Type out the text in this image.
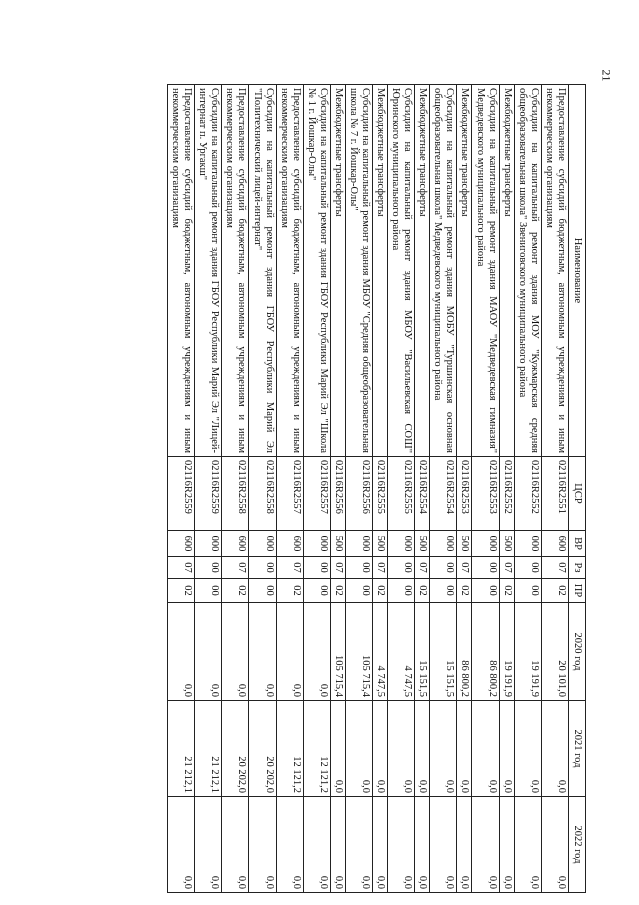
21
Наименование	ЦСР	ВР	Рз	ПР	2020 год	2021 год	2022 год
Предоставление субсидий бюджетным, автономным учреждениям и иным некоммерческим организациям	02116R2551	600	07	02	20 101,0	0,0	0,0
Субсидии на капитальный ремонт здания МОУ "Кужмарская средняя общеобразовательная школа" Звениговского муниципального района	02116R2552	000	00	00	19 191,9	0,0	0,0
Межбюджетные трансферты	02116R2552	500	07	02	19 191,9	0,0	0,0
Субсидии на капитальный ремонт здания МАОУ "Медведевская гимназия" Медведевского муниципального района	02116R2553	000	00	00	86 800,2	0,0	0,0
Межбюджетные трансферты	02116R2553	500	07	02	86 800,2	0,0	0,0
Субсидии на капитальный ремонт здания МОБУ "Туршинская основная общеобразовательная школа" Медведевского муниципального района	02116R2554	000	00	00	15 151,5	0,0	0,0
Межбюджетные трансферты	02116R2554	500	07	02	15 151,5	0,0	0,0
Субсидии на капитальный ремонт здания МБОУ "Васильевская СОШ" Юринского муниципального района	02116R2555	000	00	00	4 747,5	0,0	0,0
Межбюджетные трансферты	02116R2555	500	07	02	4 747,5	0,0	0,0
Субсидии на капитальный ремонт здания МБОУ "Средняя общеобразовательная школа № 7 г. Йошкар-Олы"	02116R2556	000	00	00	105 715,4	0,0	0,0
Межбюджетные трансферты	02116R2556	500	07	02	105 715,4	0,0	0,0
Субсидии на капитальный ремонт здания ГБОУ Республики Марий Эл "Школа № 1 г. Йошкар-Олы"	02116R2557	000	00	00	0,0	12 121,2	0,0
Предоставление субсидий бюджетным, автономным учреждениям и иным некоммерческим организациям	02116R2557	600	07	02	0,0	12 121,2	0,0
Субсидии на капитальный ремонт здания ГБОУ Республики Марий Эл "Политехнический лицей-интернат"	02116R2558	000	00	00	0,0	20 202,0	0,0
Предоставление субсидий бюджетным, автономным учреждениям и иным некоммерческим организациям	02116R2558	600	07	02	0,0	20 202,0	0,0
Субсидии на капитальный ремонт здания ГБОУ Республики Марий Эл "Лицей-интернат п. Ургакш"	02116R2559	000	00	00	0,0	21 212,1	0,0
Предоставление субсидий бюджетным, автономным учреждениям и иным некоммерческим организациям	02116R2559	600	07	02	0,0	21 212,1	0,0
